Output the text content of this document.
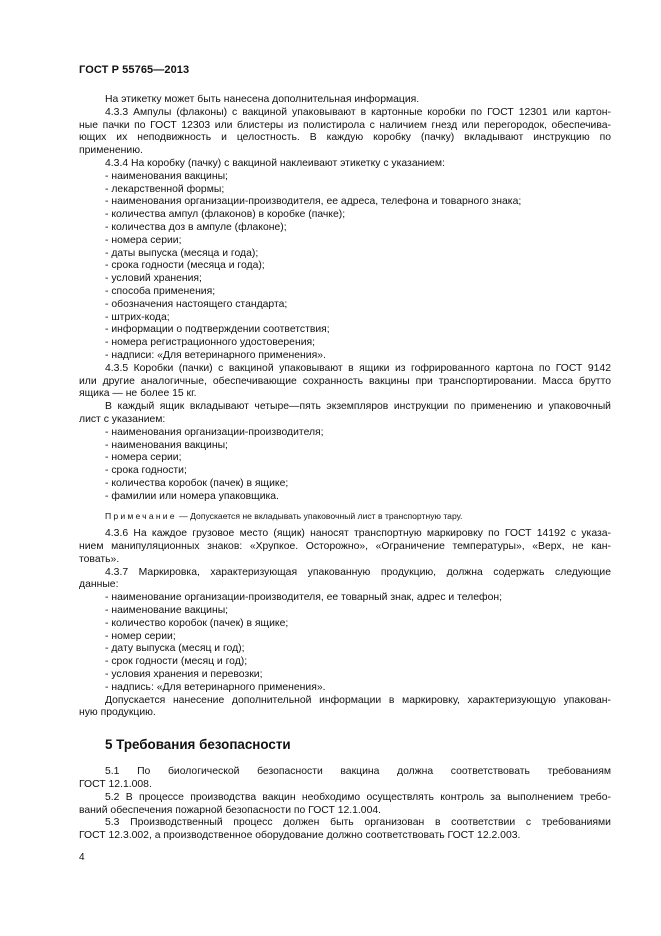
ГОСТ Р 55765—2013
На этикетку может быть нанесена дополнительная информация.
4.3.3 Ампулы (флаконы) с вакциной упаковывают в картонные коробки по ГОСТ 12301 или картон-
ные пачки по ГОСТ 12303 или блистеры из полистирола с наличием гнезд или перегородок, обеспечива-
ющих их неподвижность и целостность. В каждую коробку (пачку) вкладывают инструкцию по
применению.
4.3.4 На коробку (пачку) с вакциной наклеивают этикетку с указанием:
- наименования вакцины;
- лекарственной формы;
- наименования организации-производителя, ее адреса, телефона и товарного знака;
- количества ампул (флаконов) в коробке (пачке);
- количества доз в ампуле (флаконе);
- номера серии;
- даты выпуска (месяца и года);
- срока годности (месяца и года);
- условий хранения;
- способа применения;
- обозначения настоящего стандарта;
- штрих-кода;
- информации о подтверждении соответствия;
- номера регистрационного удостоверения;
- надписи: «Для ветеринарного применения».
4.3.5 Коробки (пачки) с вакциной упаковывают в ящики из гофрированного картона по ГОСТ 9142
или другие аналогичные, обеспечивающие сохранность вакцины при транспортировании. Масса брутто
ящика — не более 15 кг.
В каждый ящик вкладывают четыре—пять экземпляров инструкции по применению и упаковочный
лист с указанием:
- наименования организации-производителя;
- наименования вакцины;
- номера серии;
- срока годности;
- количества коробок (пачек) в ящике;
- фамилии или номера упаковщика.
Примечание — Допускается не вкладывать упаковочный лист в транспортную тару.
4.3.6 На каждое грузовое место (ящик) наносят транспортную маркировку по ГОСТ 14192 с указа-
нием манипуляционных знаков: «Хрупкое. Осторожно», «Ограничение температуры», «Верх, не кан-
товать».
4.3.7 Маркировка, характеризующая упакованную продукцию, должна содержать следующие
данные:
- наименование организации-производителя, ее товарный знак, адрес и телефон;
- наименование вакцины;
- количество коробок (пачек) в ящике;
- номер серии;
- дату выпуска (месяц и год);
- срок годности (месяц и год);
- условия хранения и перевозки;
- надпись: «Для ветеринарного применения».
Допускается нанесение дополнительной информации в маркировку, характеризующую упакован-
ную продукцию.
5 Требования безопасности
5.1 По биологической безопасности вакцина должна соответствовать требованиям
ГОСТ 12.1.008.
5.2 В процессе производства вакцин необходимо осуществлять контроль за выполнением требо-
ваний обеспечения пожарной безопасности по ГОСТ 12.1.004.
5.3 Производственный процесс должен быть организован в соответствии с требованиями
ГОСТ 12.3.002, а производственное оборудование должно соответствовать ГОСТ 12.2.003.
4
